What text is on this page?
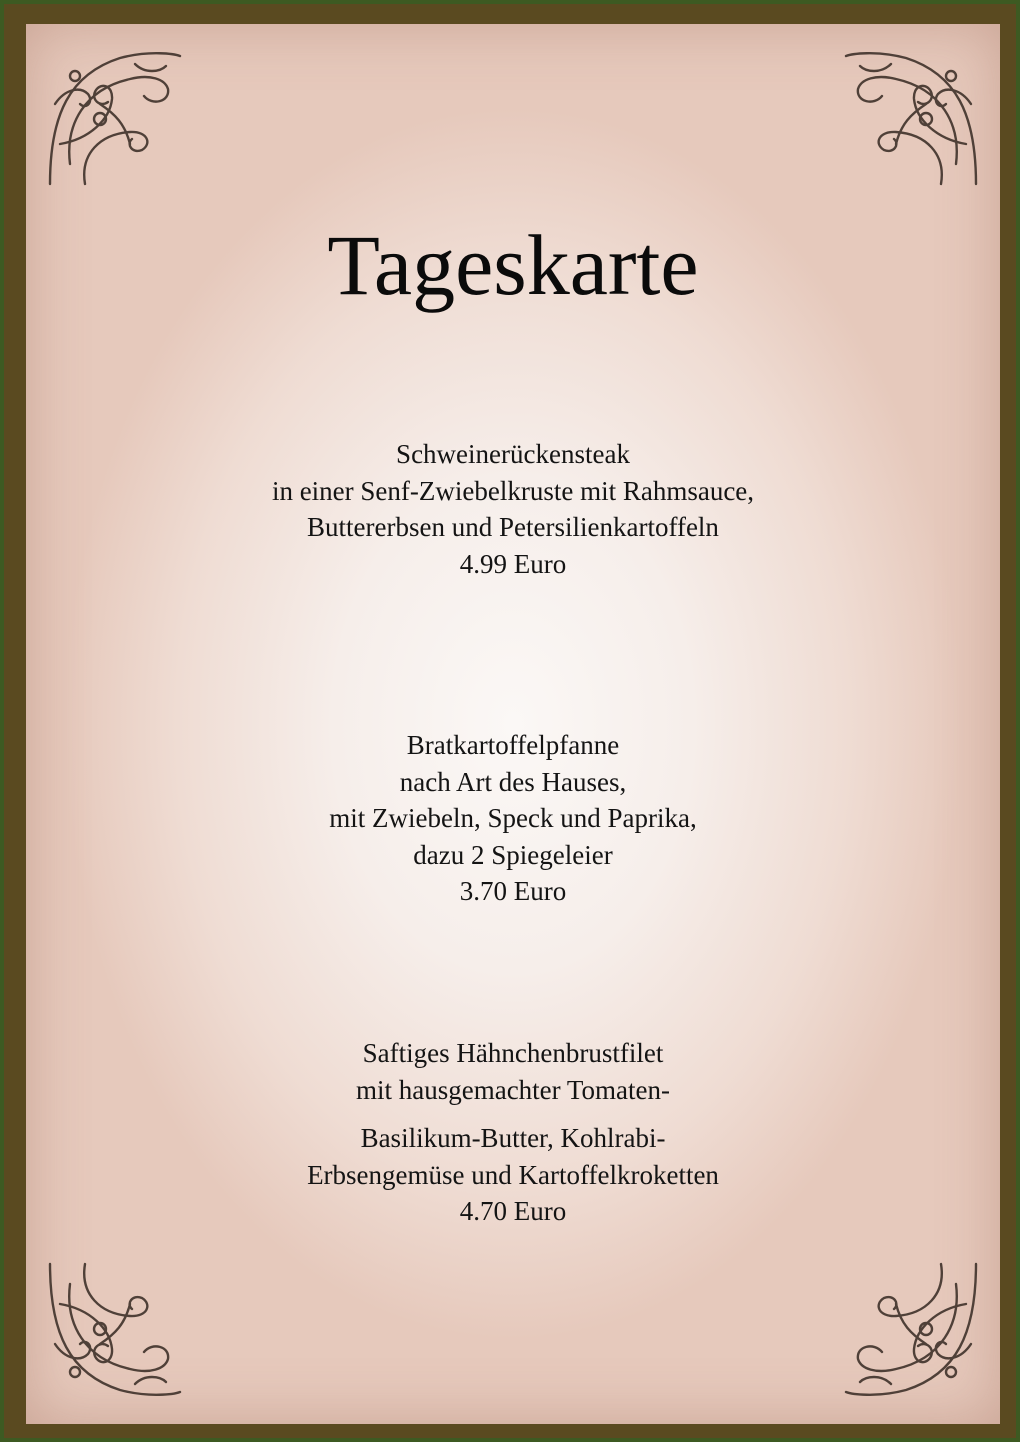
Tageskarte
Schweinerückensteak
in einer Senf-Zwiebelkruste mit Rahmsauce,
Buttererbsen und Petersilienkartoffeln
4.99 Euro
Bratkartoffelpfanne
nach Art des Hauses,
mit Zwiebeln, Speck und Paprika,
dazu 2 Spiegeleier
3.70 Euro
Saftiges Hähnchenbrustfilet
mit hausgemachter Tomaten-
Basilikum-Butter, Kohlrabi-
Erbsengemüse und Kartoffelkroketten
4.70 Euro
